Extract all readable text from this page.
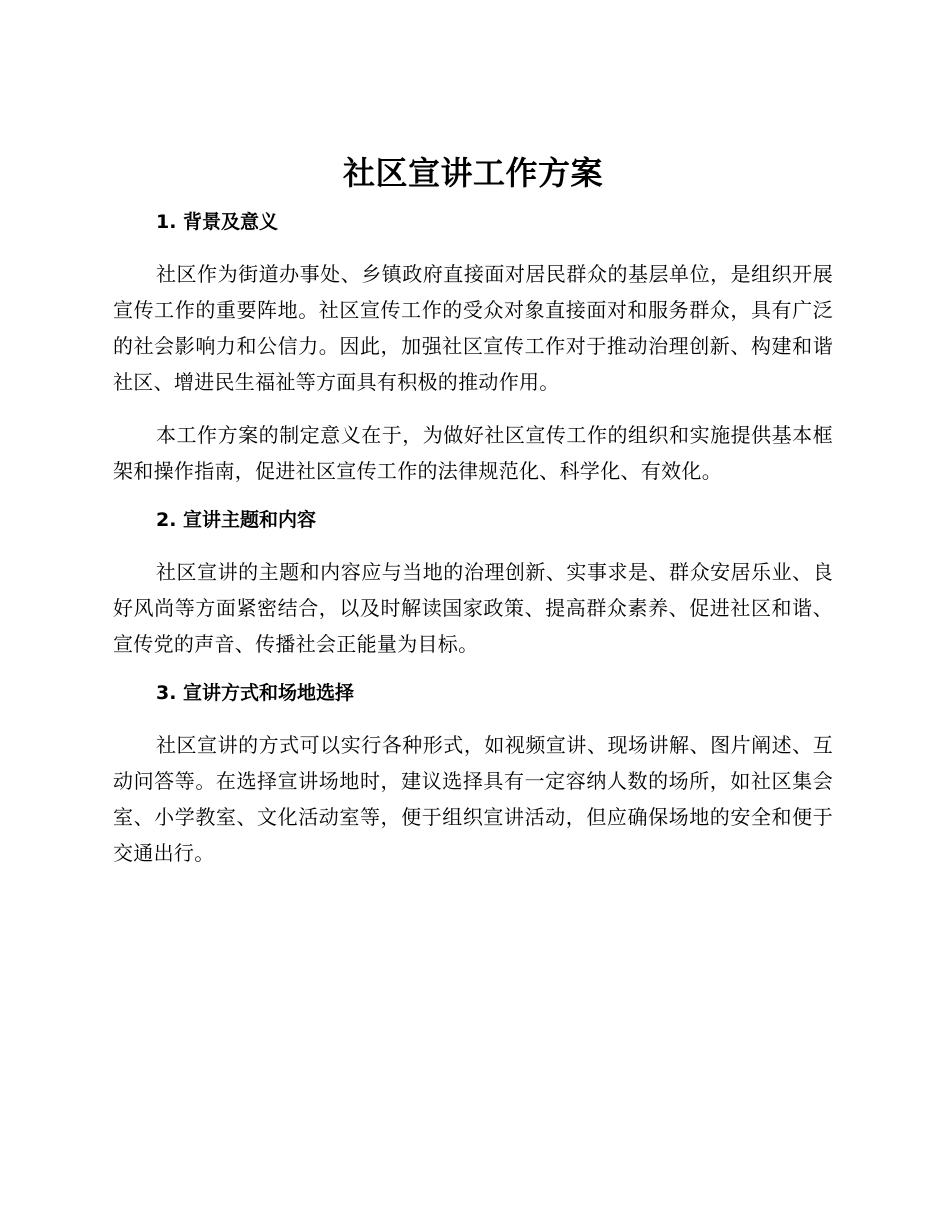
社区宣讲工作方案
1. 背景及意义

社区作为街道办事处、乡镇政府直接面对居民群众的基层单位，是组织开展宣传工作的重要阵地。社区宣传工作的受众对象直接面对和服务群众，具有广泛的社会影响力和公信力。因此，加强社区宣传工作对于推动治理创新、构建和谐社区、增进民生福祉等方面具有积极的推动作用。

本工作方案的制定意义在于，为做好社区宣传工作的组织和实施提供基本框架和操作指南，促进社区宣传工作的法律规范化、科学化、有效化。

2. 宣讲主题和内容

社区宣讲的主题和内容应与当地的治理创新、实事求是、群众安居乐业、良好风尚等方面紧密结合，以及时解读国家政策、提高群众素养、促进社区和谐、宣传党的声音、传播社会正能量为目标。

3. 宣讲方式和场地选择

社区宣讲的方式可以实行各种形式，如视频宣讲、现场讲解、图片阐述、互动问答等。在选择宣讲场地时，建议选择具有一定容纳人数的场所，如社区集会室、小学教室、文化活动室等，便于组织宣讲活动，但应确保场地的安全和便于交通出行。
